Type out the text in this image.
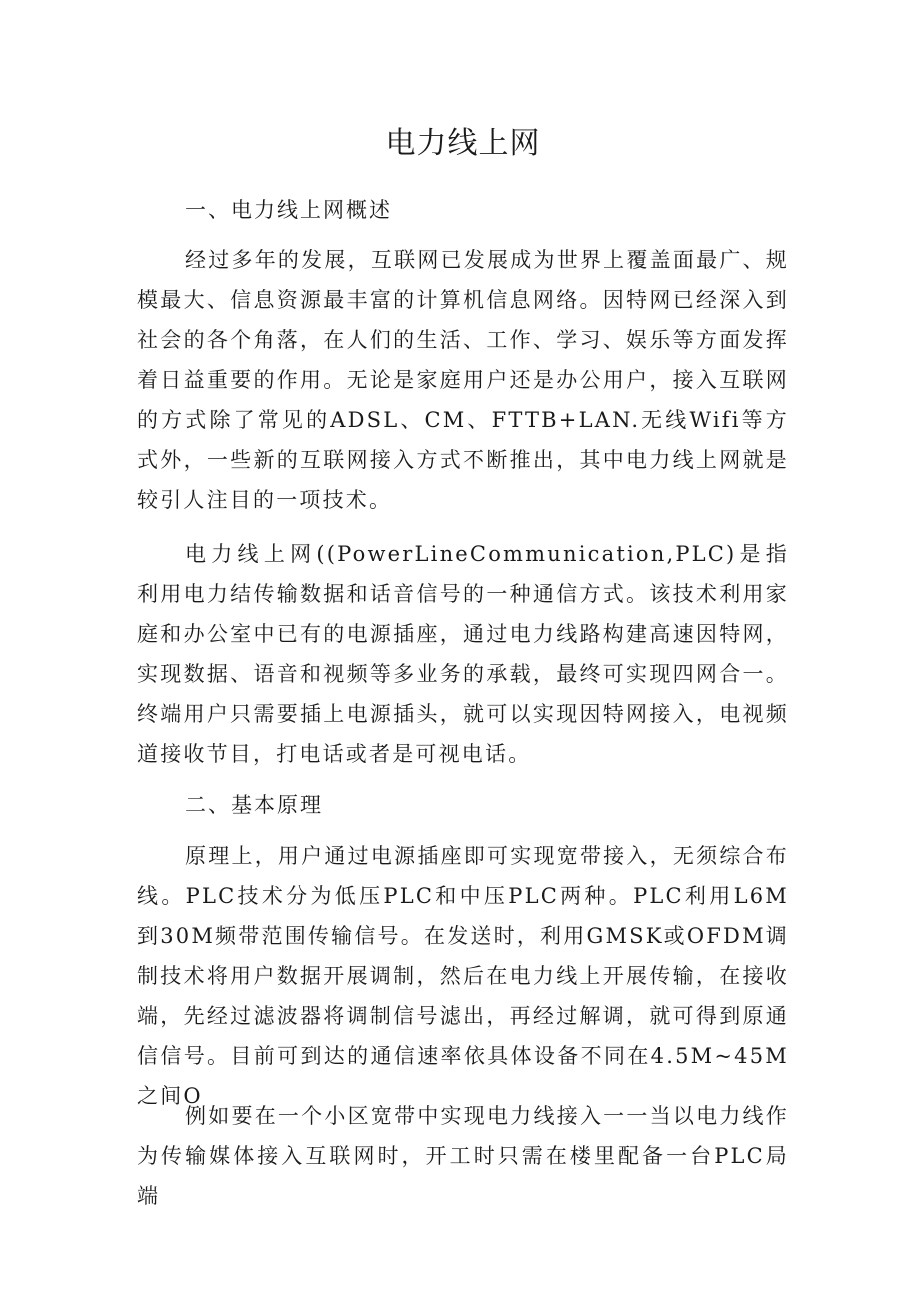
电力线上网
一、电力线上网概述

经过多年的发展，互联网已发展成为世界上覆盖面最广、规模最大、信息资源最丰富的计算机信息网络。因特网已经深入到社会的各个角落，在人们的生活、工作、学习、娱乐等方面发挥着日益重要的作用。无论是家庭用户还是办公用户，接入互联网的方式除了常见的ADSL、CM、FTTB+LAN.无线Wifi等方式外，一些新的互联网接入方式不断推出，其中电力线上网就是较引人注目的一项技术。

电力线上网((PowerLineCommunication,PLC)是指利用电力结传输数据和话音信号的一种通信方式。该技术利用家庭和办公室中已有的电源插座，通过电力线路构建高速因特网，实现数据、语音和视频等多业务的承载，最终可实现四网合一。终端用户只需要插上电源插头，就可以实现因特网接入，电视频道接收节目，打电话或者是可视电话。

二、基本原理

原理上，用户通过电源插座即可实现宽带接入，无须综合布线。PLC技术分为低压PLC和中压PLC两种。PLC利用L6M到30M频带范围传输信号。在发送时，利用GMSK或OFDM调制技术将用户数据开展调制，然后在电力线上开展传输，在接收端，先经过滤波器将调制信号滤出，再经过解调，就可得到原通信信号。目前可到达的通信速率依具体设备不同在4.5M~45M之间O

例如要在一个小区宽带中实现电力线接入一一当以电力线作为传输媒体接入互联网时，开工时只需在楼里配备一台PLC局端
